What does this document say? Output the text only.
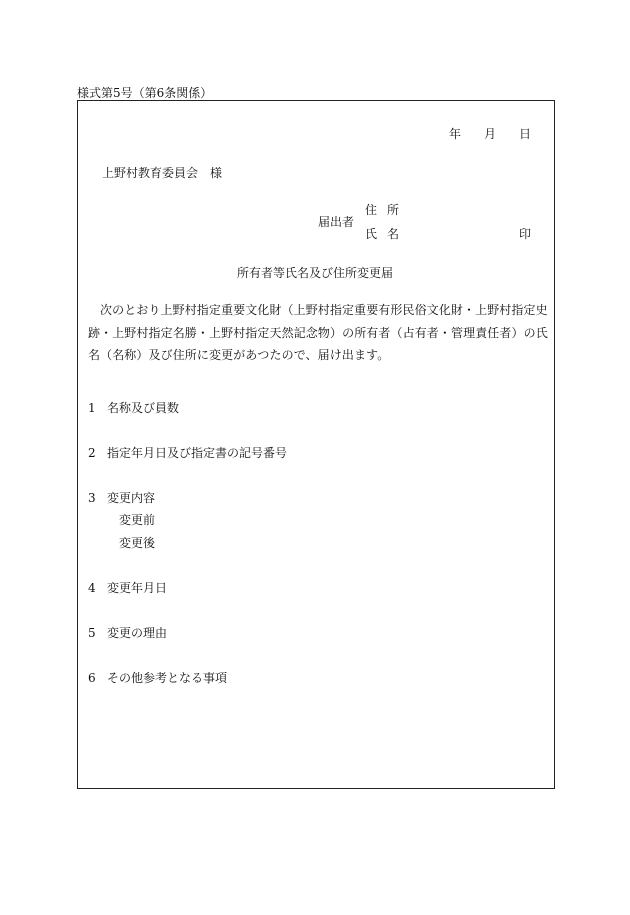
様式第5号（第6条関係）
年 月 日
上野村教育委員会　様
届出者
住所
氏名	印
所有者等氏名及び住所変更届
次のとおり上野村指定重要文化財（上野村指定重要有形民俗文化財・上野村指定史跡・上野村指定名勝・上野村指定天然記念物）の所有者（占有者・管理責任者）の氏名（名称）及び住所に変更があつたので、届け出ます。
1 名称及び員数
2 指定年月日及び指定書の記号番号
3 変更内容
変更前
変更後
4 変更年月日
5 変更の理由
6 その他参考となる事項
